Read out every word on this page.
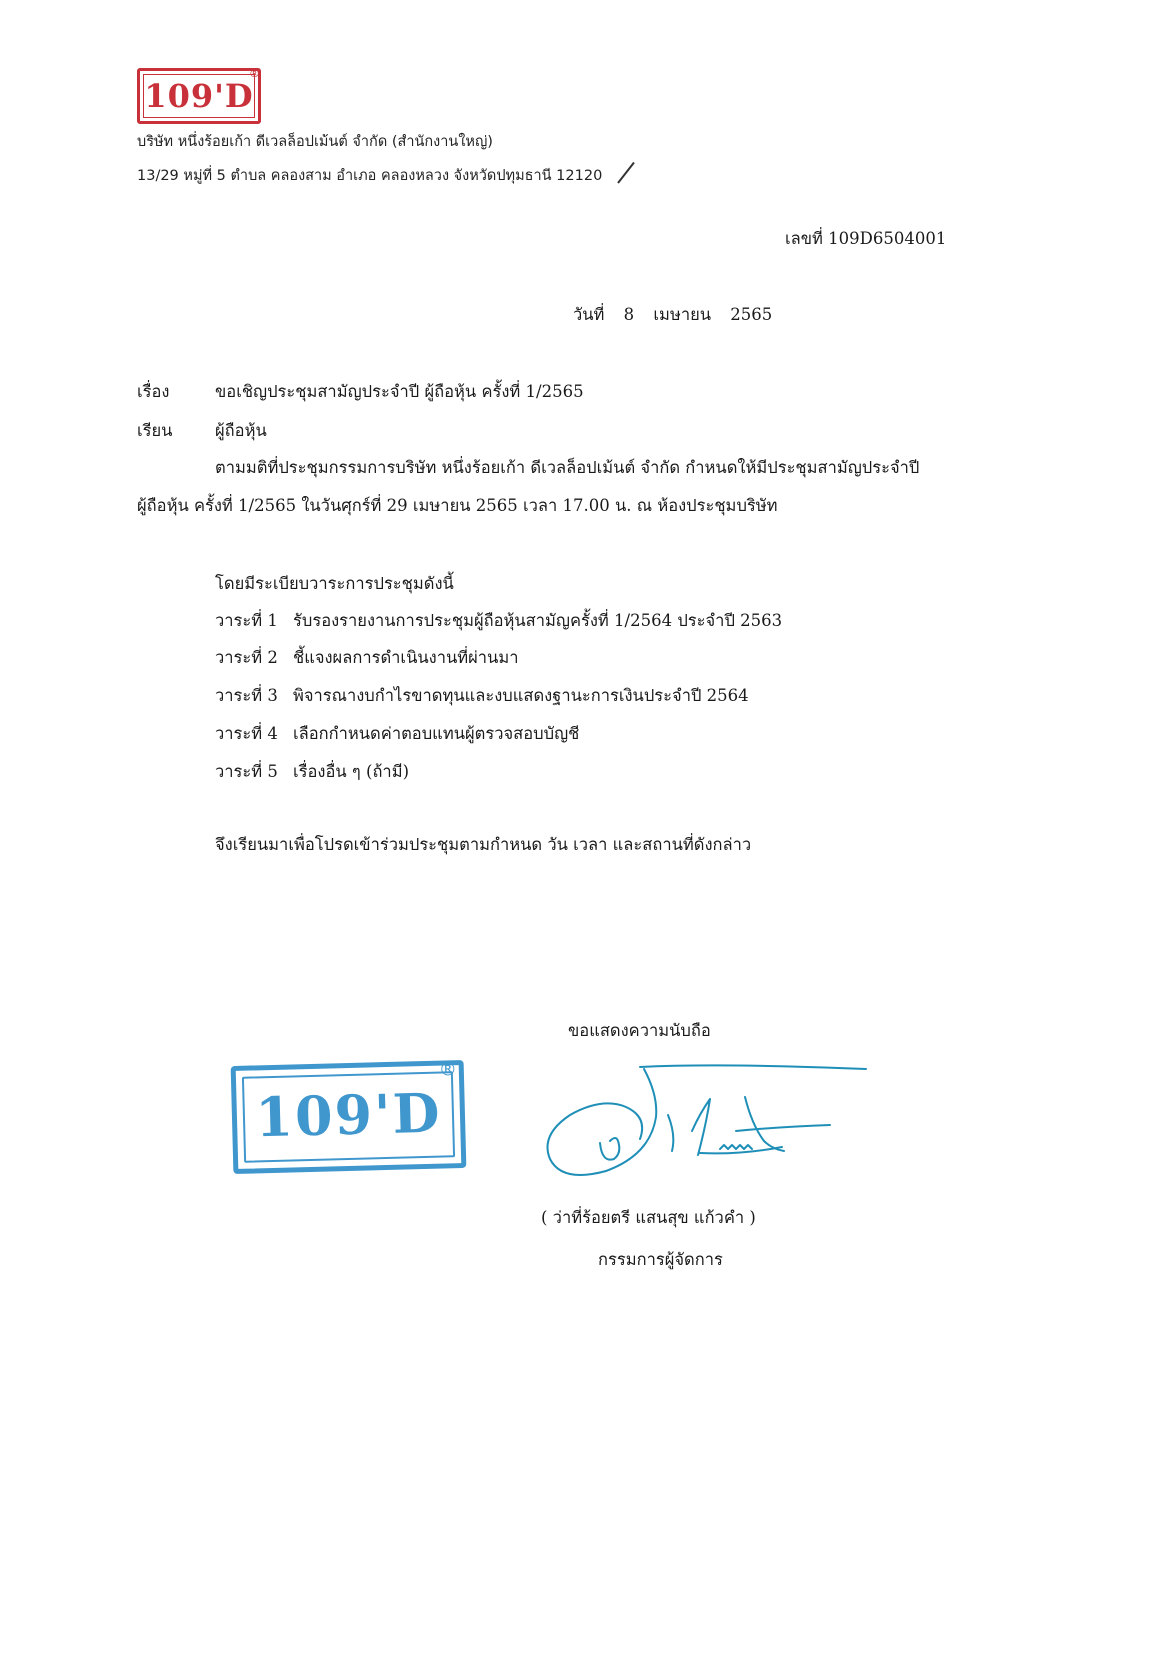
109'D
®
บริษัท หนึ่งร้อยเก้า ดีเวลล็อปเม้นต์ จำกัด (สำนักงานใหญ่)
13/29 หมู่ที่ 5 ตำบล คลองสาม อำเภอ คลองหลวง จังหวัดปทุมธานี 12120
เลขที่ 109D6504001
วันที่ 8 เมษายน 2565
เรื่อง	ขอเชิญประชุมสามัญประจำปี ผู้ถือหุ้น ครั้งที่ 1/2565
เรียน	ผู้ถือหุ้น
ตามมติที่ประชุมกรรมการบริษัท หนึ่งร้อยเก้า ดีเวลล็อปเม้นต์ จำกัด กำหนดให้มีประชุมสามัญประจำปี
ผู้ถือหุ้น ครั้งที่ 1/2565 ในวันศุกร์ที่ 29 เมษายน 2565 เวลา 17.00 น. ณ ห้องประชุมบริษัท
โดยมีระเบียบวาระการประชุมดังนี้
วาระที่ 1 รับรองรายงานการประชุมผู้ถือหุ้นสามัญครั้งที่ 1/2564 ประจำปี 2563
วาระที่ 2 ชี้แจงผลการดำเนินงานที่ผ่านมา
วาระที่ 3 พิจารณางบกำไรขาดทุนและงบแสดงฐานะการเงินประจำปี 2564
วาระที่ 4 เลือกกำหนดค่าตอบแทนผู้ตรวจสอบบัญชี
วาระที่ 5 เรื่องอื่น ๆ (ถ้ามี)
จึงเรียนมาเพื่อโปรดเข้าร่วมประชุมตามกำหนด วัน เวลา และสถานที่ดังกล่าว
ขอแสดงความนับถือ
109'D
®
( ว่าที่ร้อยตรี แสนสุข แก้วคำ )
กรรมการผู้จัดการ
